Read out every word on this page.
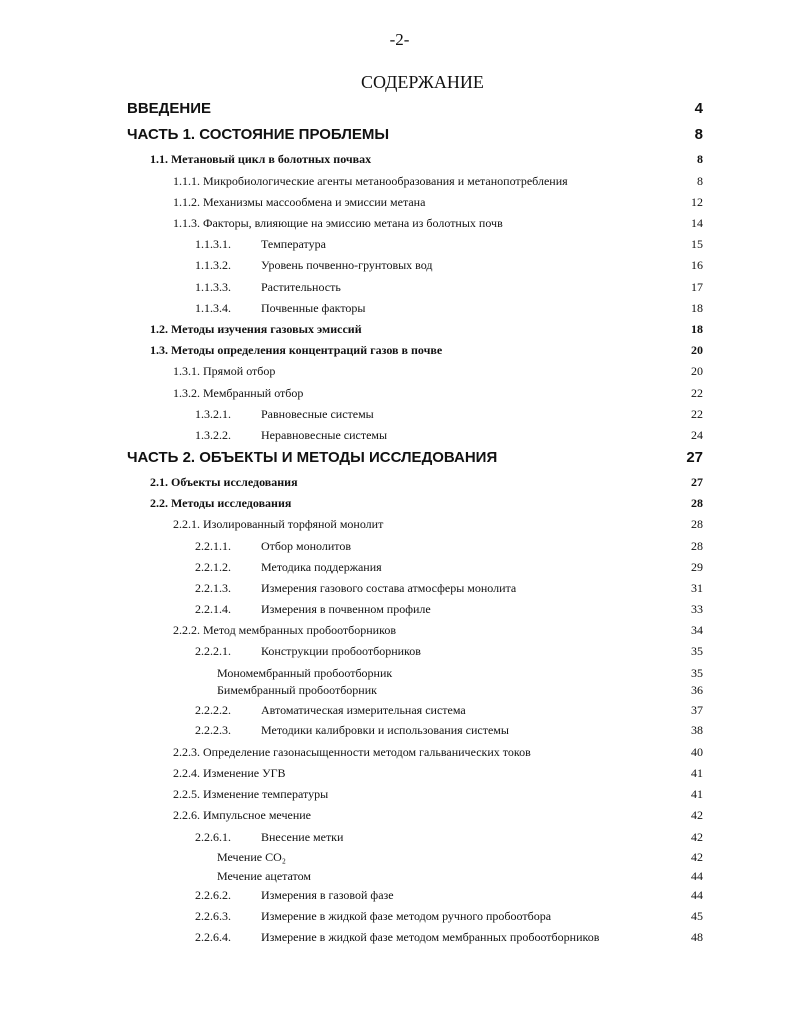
-2-
СОДЕРЖАНИЕ
ВВЕДЕНИЕ	4
ЧАСТЬ 1. СОСТОЯНИЕ ПРОБЛЕМЫ	8
1.1. Метановый цикл в болотных почвах	8
1.1.1. Микробиологические агенты метанообразования и метанопотребления	8
1.1.2. Механизмы массообмена и эмиссии метана	12
1.1.3. Факторы, влияющие на эмиссию метана из болотных почв	14
1.1.3.1.	Температура	15
1.1.3.2.	Уровень почвенно-грунтовых вод	16
1.1.3.3.	Растительность	17
1.1.3.4.	Почвенные факторы	18
1.2. Методы изучения газовых эмиссий	18
1.3. Методы определения концентраций газов в почве	20
1.3.1. Прямой отбор	20
1.3.2. Мембранный отбор	22
1.3.2.1.	Равновесные системы	22
1.3.2.2.	Неравновесные системы	24
ЧАСТЬ 2. ОБЪЕКТЫ И МЕТОДЫ ИССЛЕДОВАНИЯ	27
2.1. Объекты исследования	27
2.2. Методы исследования	28
2.2.1. Изолированный торфяной монолит	28
2.2.1.1.	Отбор монолитов	28
2.2.1.2.	Методика поддержания	29
2.2.1.3.	Измерения газового состава атмосферы монолита	31
2.2.1.4.	Измерения в почвенном профиле	33
2.2.2. Метод мембранных пробоотборников	34
2.2.2.1.	Конструкции пробоотборников	35
Мономембранный пробоотборник	35
Бимембранный пробоотборник	36
2.2.2.2.	Автоматическая измерительная система	37
2.2.2.3.	Методики калибровки и использования системы	38
2.2.3. Определение газонасыщенности методом гальванических токов	40
2.2.4. Изменение УГВ	41
2.2.5. Изменение температуры	41
2.2.6. Импульсное мечение	42
2.2.6.1.	Внесение метки	42
Мечение CO₂	42
Мечение ацетатом	44
2.2.6.2.	Измерения в газовой фазе	44
2.2.6.3.	Измерение в жидкой фазе методом ручного пробоотбора	45
2.2.6.4.	Измерение в жидкой фазе методом мембранных пробоотборников	48
